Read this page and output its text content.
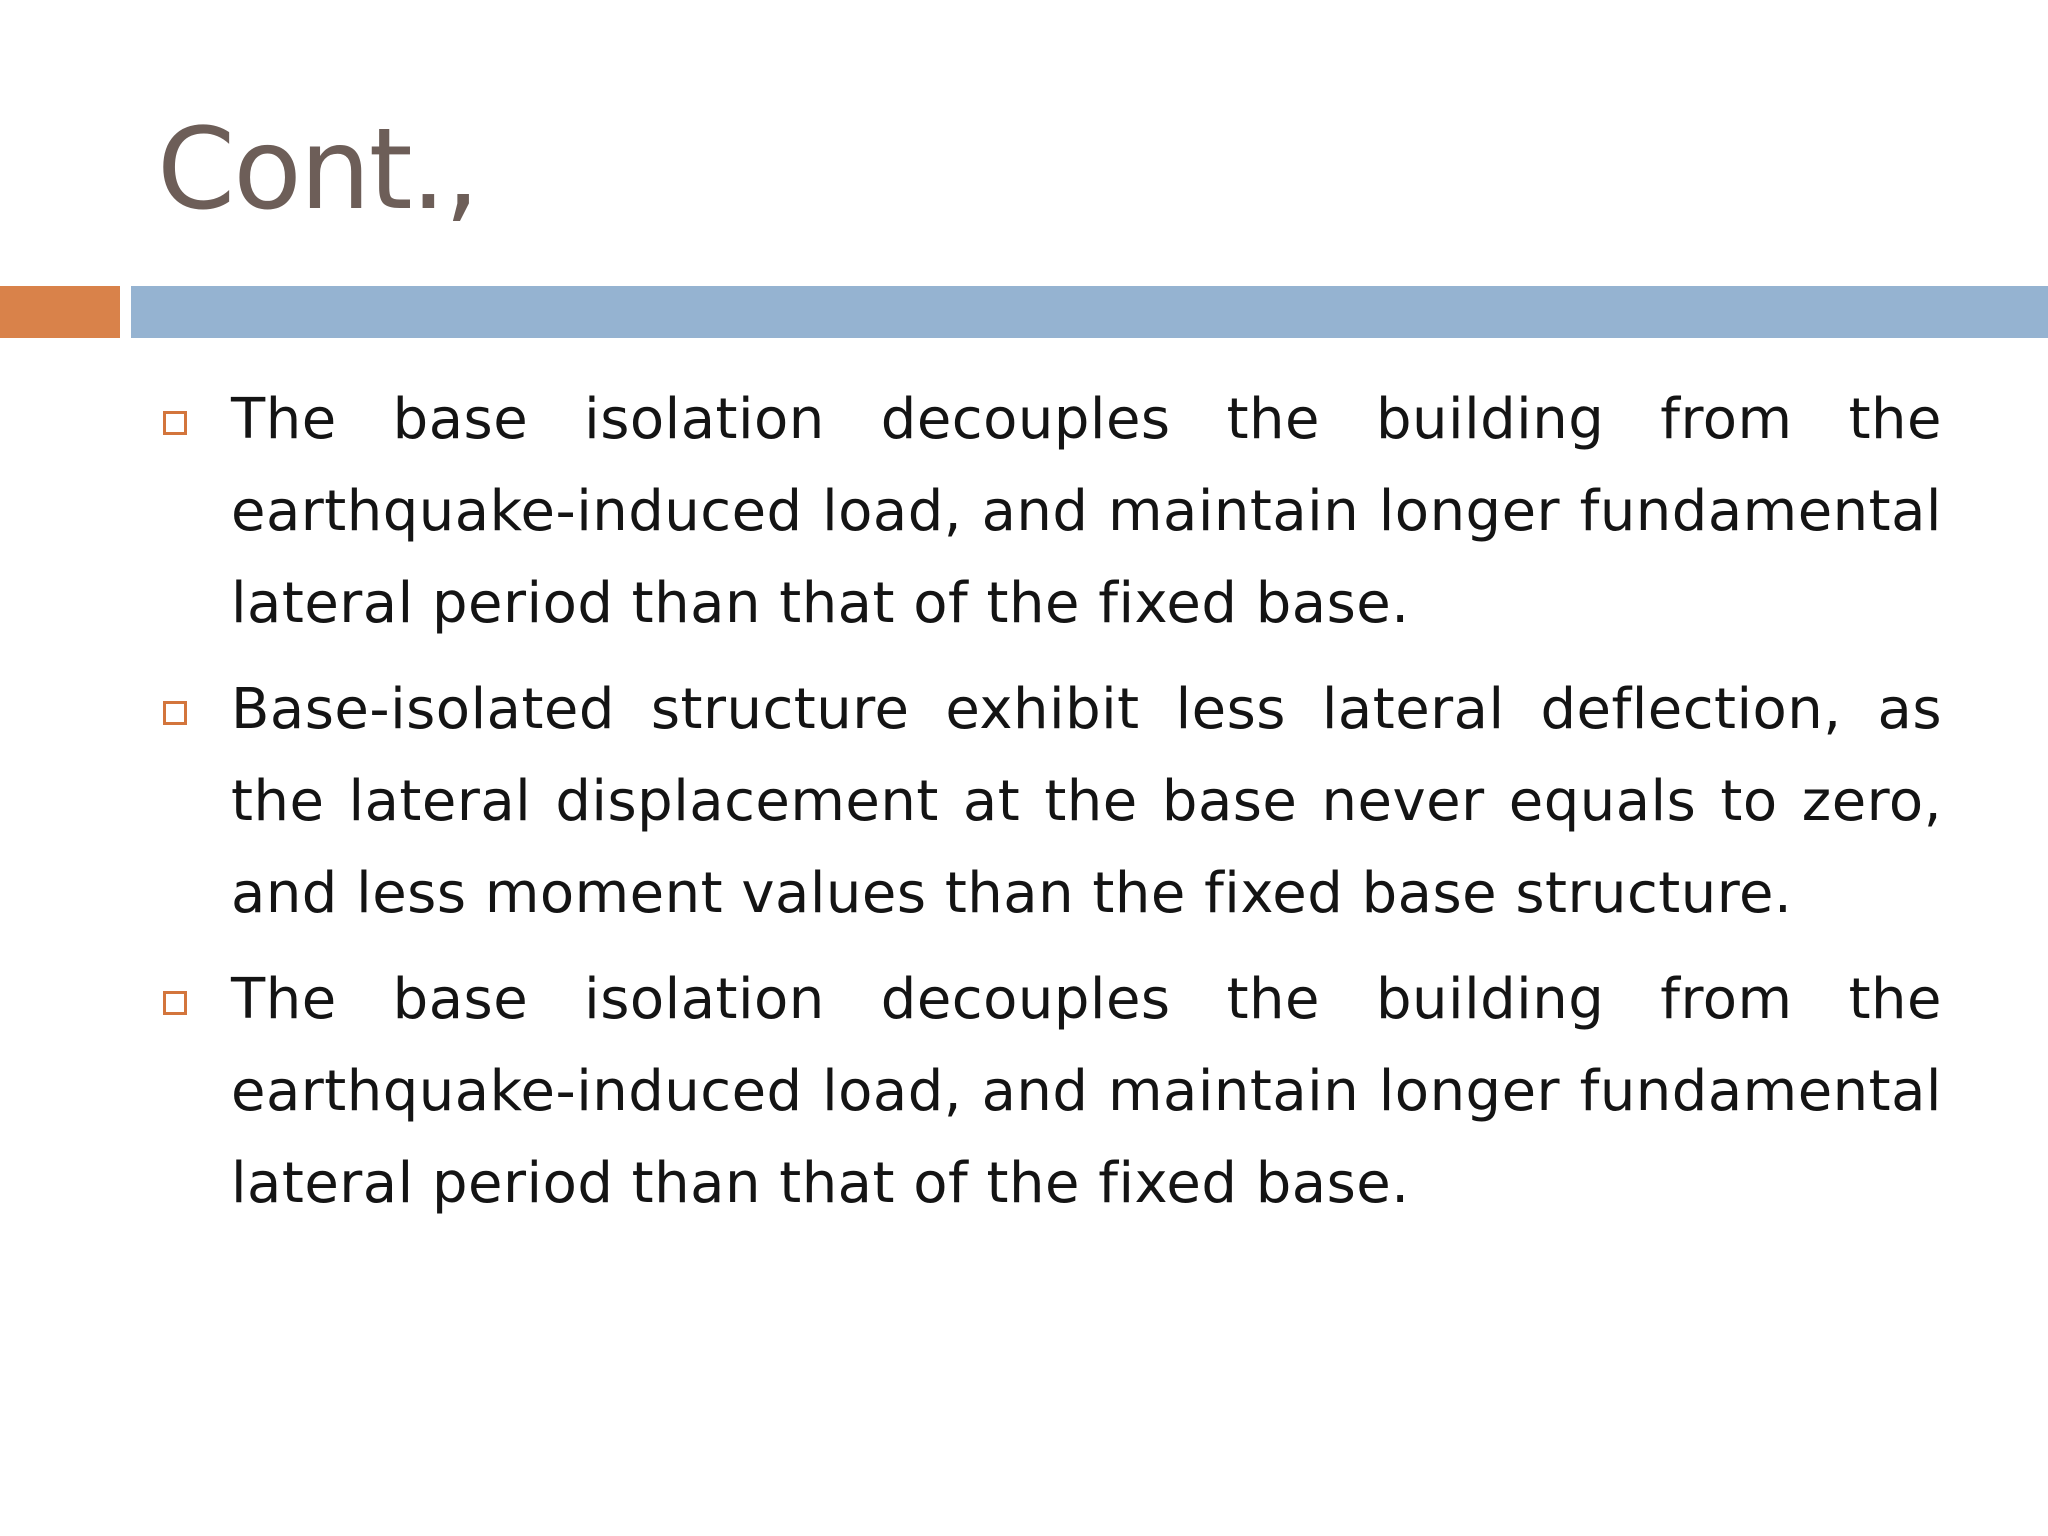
Cont.,
The base isolation decouples the building from the earthquake-induced load, and maintain longer fundamental lateral period than that of the fixed base.
Base-isolated structure exhibit less lateral deflection, as the lateral displacement at the base never equals to zero, and less moment values than the fixed base structure.
The base isolation decouples the building from the earthquake-induced load, and maintain longer fundamental lateral period than that of the fixed base.
